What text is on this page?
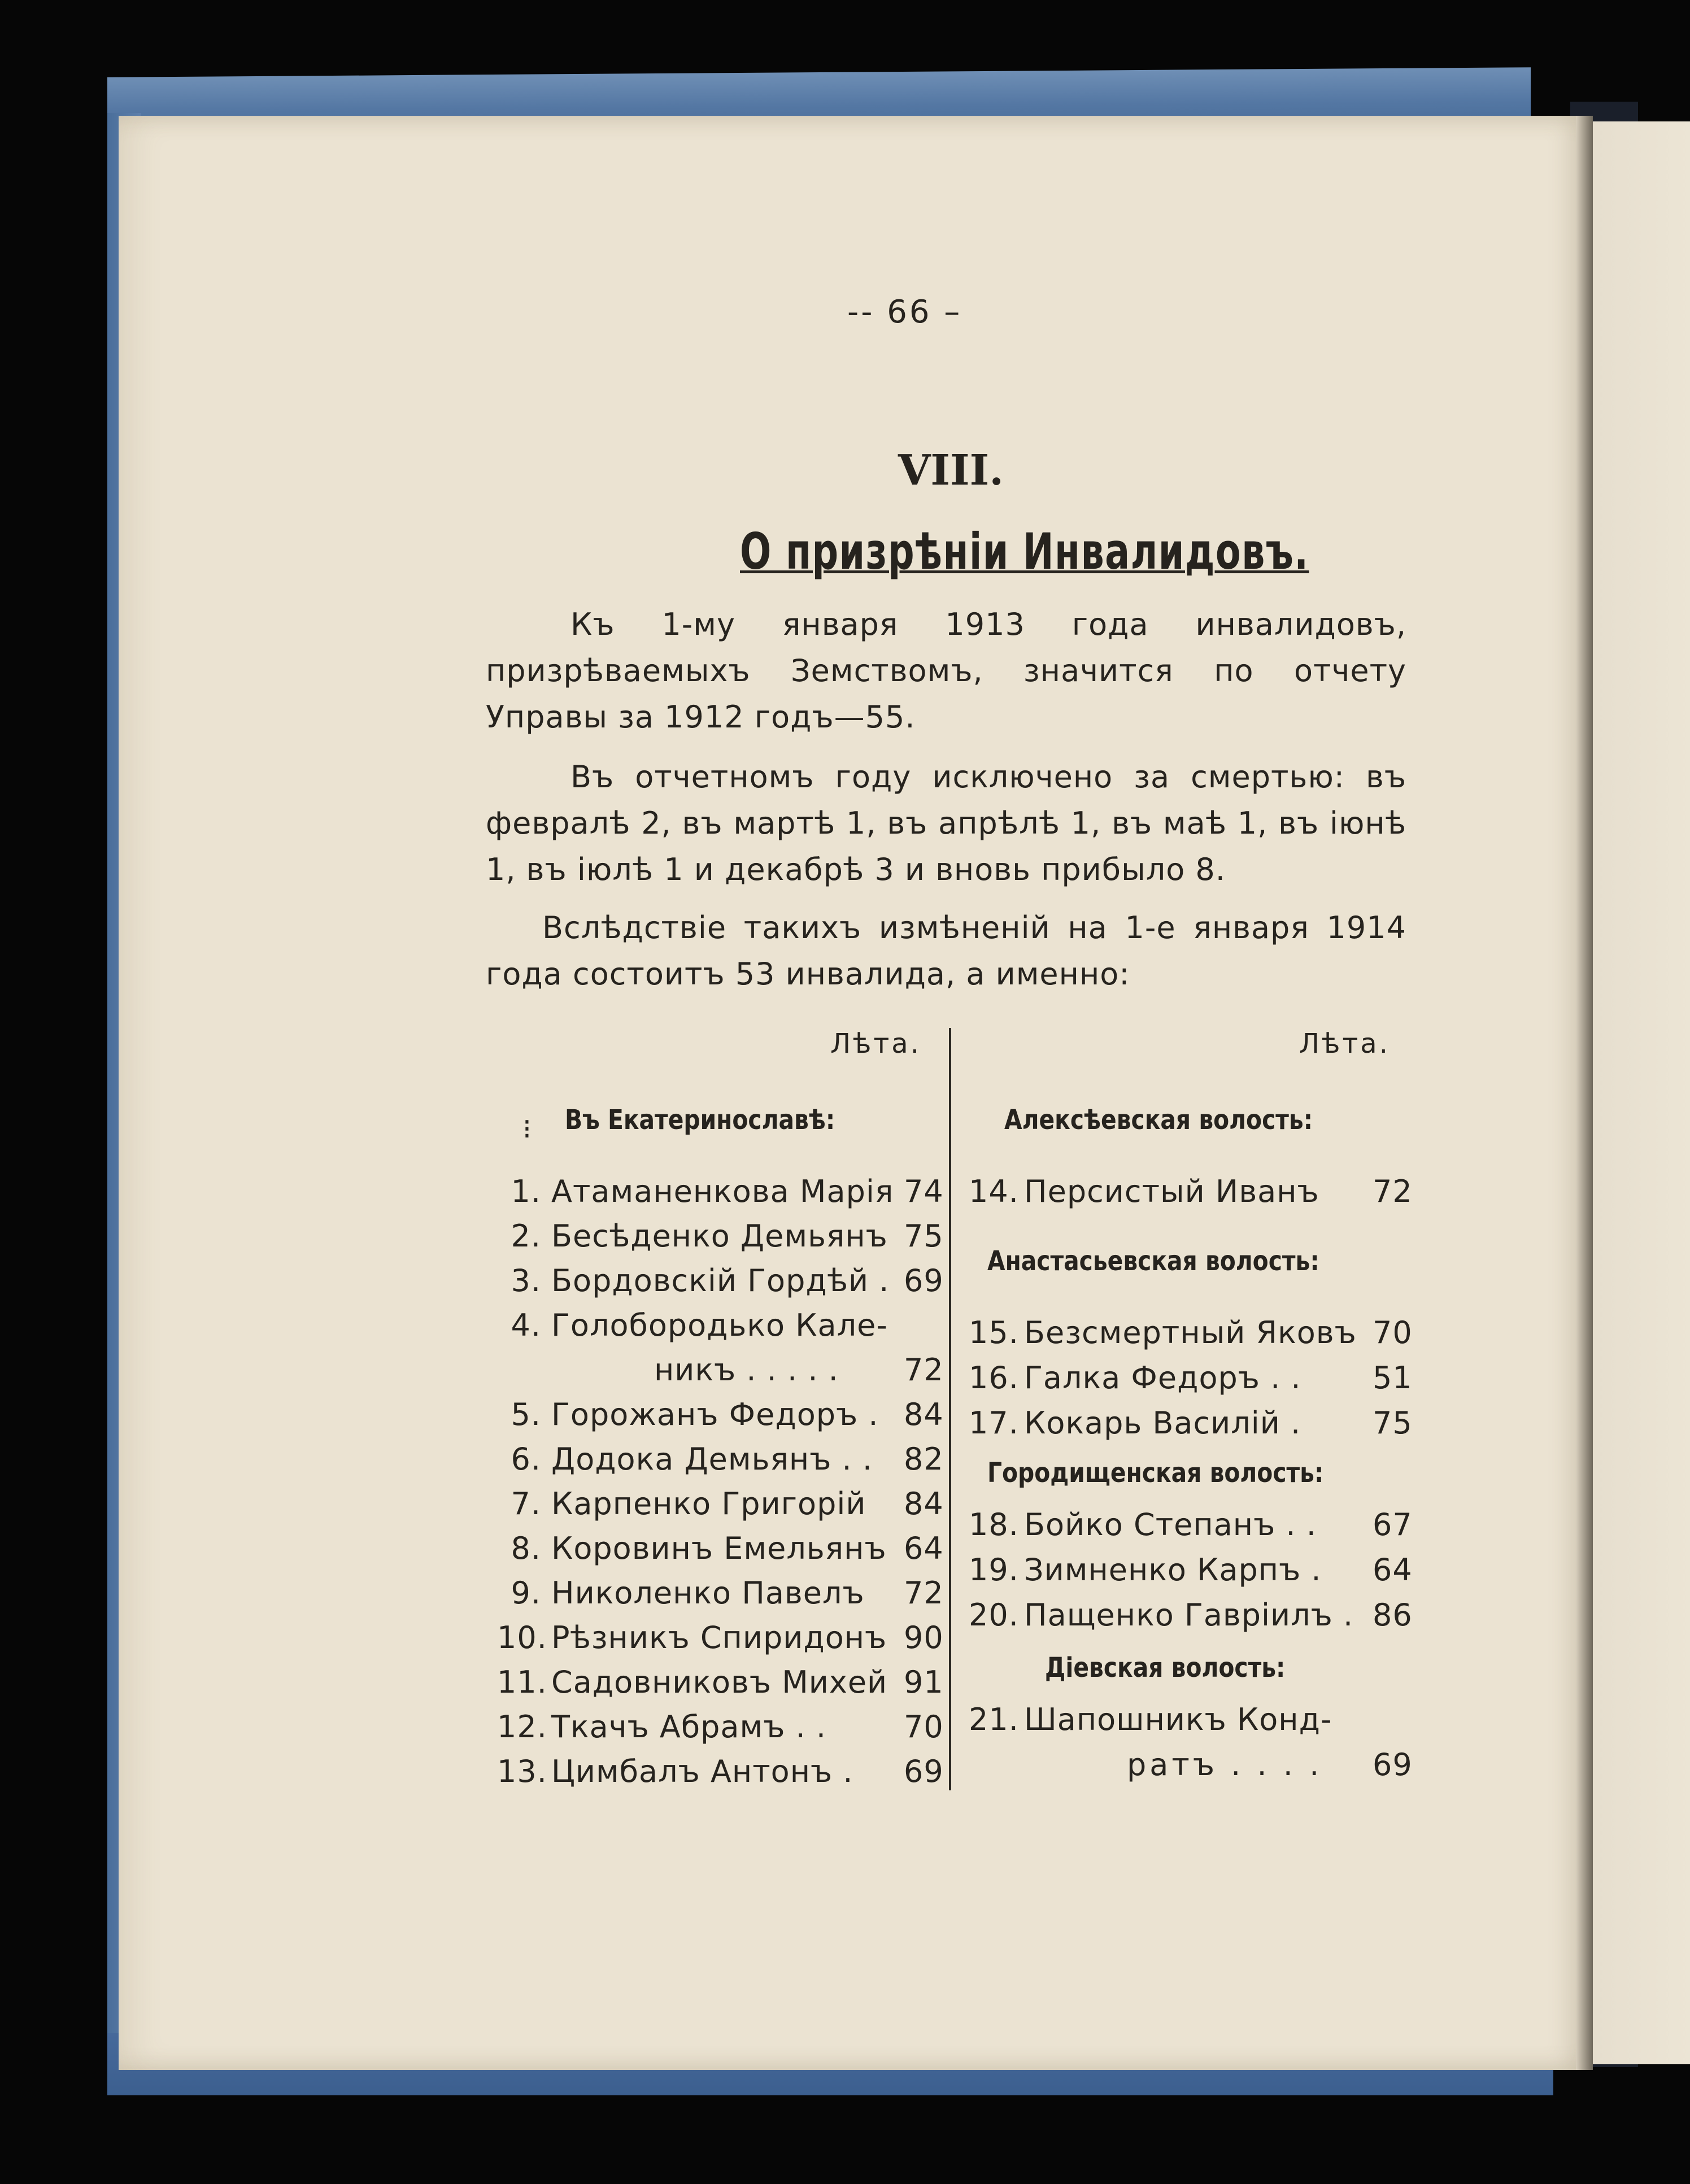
-- 66 –
VIII.
О призрѣніи Инвалидовъ.
Къ 1-му января 1913 года инвалидовъ, призрѣваемыхъ Земствомъ, значится по отчету Управы за 1912 годъ—55.
Въ отчетномъ году исключено за смертью: въ февралѣ 2, въ мартѣ 1, въ апрѣлѣ 1, въ маѣ 1, въ іюнѣ 1, въ іюлѣ 1 и декабрѣ 3 и вновь прибыло 8.
Вслѣдствіе такихъ измѣненій на 1-е января 1914 года состоитъ 53 инвалида, а именно:
Лѣта.	Лѣта.
⁝ Въ Екатеринославѣ:
1. Атаманенкова Марія 74
2. Бесѣденко Демьянъ 75
3. Бордовскій Гордѣй . 69
4. Голобородько Кале-
никъ . . . . .	72
5. Горожанъ Федоръ . 84
6. Додока Демьянъ . .	82
7. Карпенко Григорій	84
8. Коровинъ Емельянъ 64
9. Николенко Павелъ	72
10. Рѣзникъ Спиридонъ 90
11. Садовниковъ Михей 91
12. Ткачъ Абрамъ . .	70
13. Цимбалъ Антонъ .	69
Алексѣевская волость:
14. Персистый Иванъ	72
Анастасьевская волость:
15. Безсмертный Яковъ 70
16. Галка Федоръ . .	51
17. Кокарь Василій .	75
Городищенская волость:
18. Бойко Степанъ . .	67
19. Зимненко Карпъ .	64
20. Пащенко Гавріилъ . 86
Діевская волость:
21. Шапошникъ Конд-
ратъ . . . .	69
